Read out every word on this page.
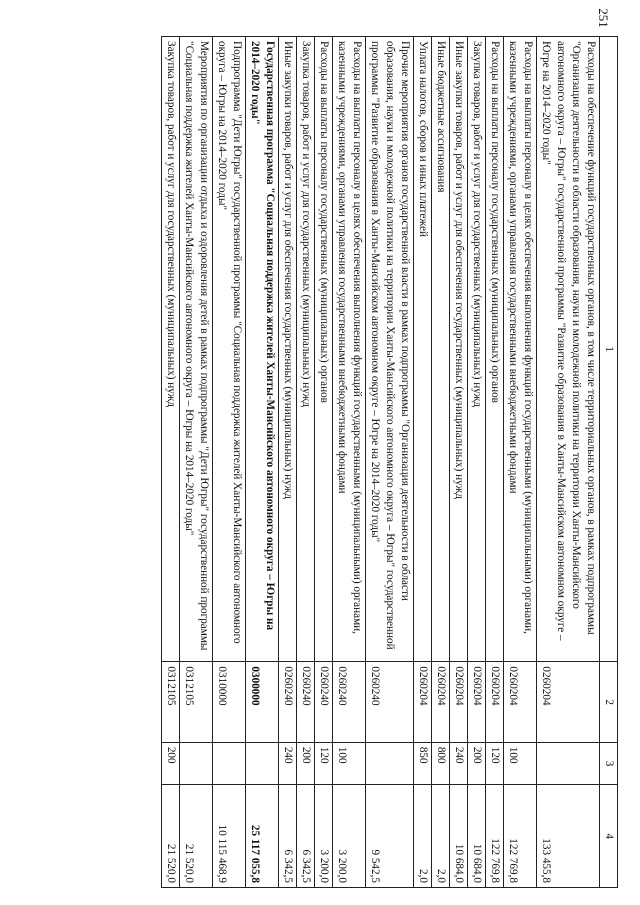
251
1	2	3	4
Расходы на обеспечение функций государственных органов, в том числе территориальных органов, в рамках подпрограммы "Организация деятельности в области образования, науки и молодежной политики на территории Ханты-Мансийского автономного округа – Югры" государственной программы "Развитие образования в Ханты-Мансийском автономном округе – Югре на 2014–2020 годы"	0260204		133 455,8
Расходы на выплаты персоналу в целях обеспечения выполнения функций государственными (муниципальными) органами, казенными учреждениями, органами управления государственными внебюджетными фондами	0260204	100	122 769,8
Расходы на выплаты персоналу государственных (муниципальных) органов	0260204	120	122 769,8
Закупка товаров, работ и услуг для государственных (муниципальных) нужд	0260204	200	10 684,0
Иные закупки товаров, работ и услуг для обеспечения государственных (муниципальных) нужд	0260204	240	10 684,0
Иные бюджетные ассигнования	0260204	800	2,0
Уплата налогов, сборов и иных платежей	0260204	850	2,0
Прочие мероприятия органов государственной власти в рамках подпрограммы "Организация деятельности в области образования, науки и молодежной политики на территории Ханты-Мансийского автономного округа – Югры" государственной программы "Развитие образования в Ханты-Мансийском автономном округе – Югре на 2014–2020 годы"	0260240		9 542,5
Расходы на выплаты персоналу в целях обеспечения выполнения функций государственными (муниципальными) органами, казенными учреждениями, органами управления государственными внебюджетными фондами	0260240	100	3 200,0
Расходы на выплаты персоналу государственных (муниципальных) органов	0260240	120	3 200,0
Закупка товаров, работ и услуг для государственных (муниципальных) нужд	0260240	200	6 342,5
Иные закупки товаров, работ и услуг для обеспечения государственных (муниципальных) нужд	0260240	240	6 342,5
Государственная программа "Социальная поддержка жителей Ханты-Мансийского автономного округа – Югры на 2014–2020 годы"	0300000		25 117 055,8
Подпрограмма "Дети Югры" государственной программы "Социальная поддержка жителей Ханты-Мансийского автономного округа – Югры на 2014–2020 годы"	0310000		10 115 468,9
Мероприятия по организации отдыха и оздоровления детей в рамках подпрограммы "Дети Югры" государственной программы "Социальная поддержка жителей Ханты-Мансийского автономного округа – Югры на 2014–2020 годы"	0312105		21 520,0
Закупка товаров, работ и услуг для государственных (муниципальных) нужд	0312105	200	21 520,0
